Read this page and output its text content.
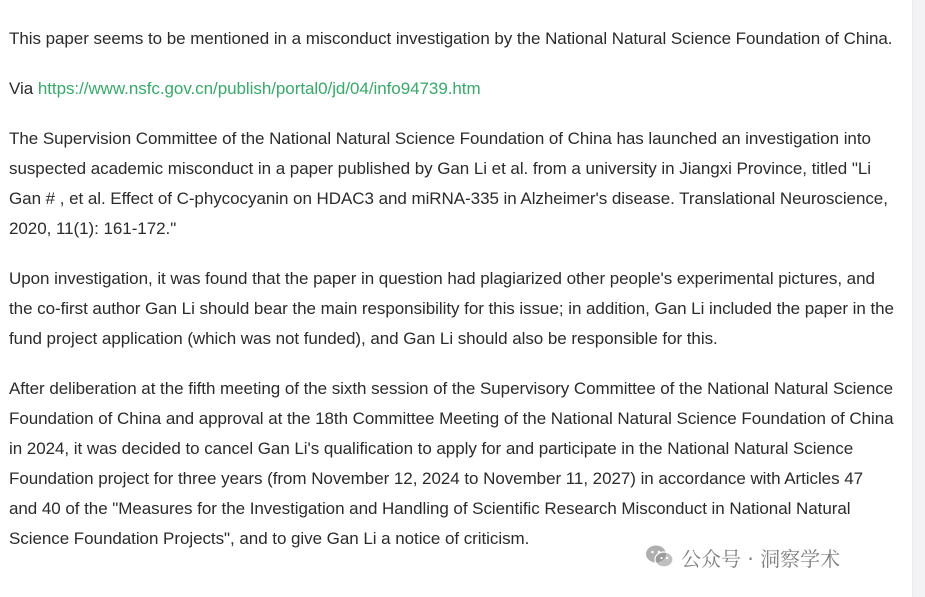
This paper seems to be mentioned in a misconduct investigation by the National Natural Science Foundation of China.

Via https://www.nsfc.gov.cn/publish/portal0/jd/04/info94739.htm

The Supervision Committee of the National Natural Science Foundation of China has launched an investigation into suspected academic misconduct in a paper published by Gan Li et al. from a university in Jiangxi Province, titled "Li Gan # , et al. Effect of C-phycocyanin on HDAC3 and miRNA-335 in Alzheimer's disease. Translational Neuroscience, 2020, 11(1): 161-172."

Upon investigation, it was found that the paper in question had plagiarized other people's experimental pictures, and the co-first author Gan Li should bear the main responsibility for this issue; in addition, Gan Li included the paper in the fund project application (which was not funded), and Gan Li should also be responsible for this.

After deliberation at the fifth meeting of the sixth session of the Supervisory Committee of the National Natural Science Foundation of China and approval at the 18th Committee Meeting of the National Natural Science Foundation of China in 2024, it was decided to cancel Gan Li's qualification to apply for and participate in the National Natural Science Foundation project for three years (from November 12, 2024 to November 11, 2027) in accordance with Articles 47 and 40 of the "Measures for the Investigation and Handling of Scientific Research Misconduct in National Natural Science Foundation Projects", and to give Gan Li a notice of criticism.

公众号 · 洞察学术
